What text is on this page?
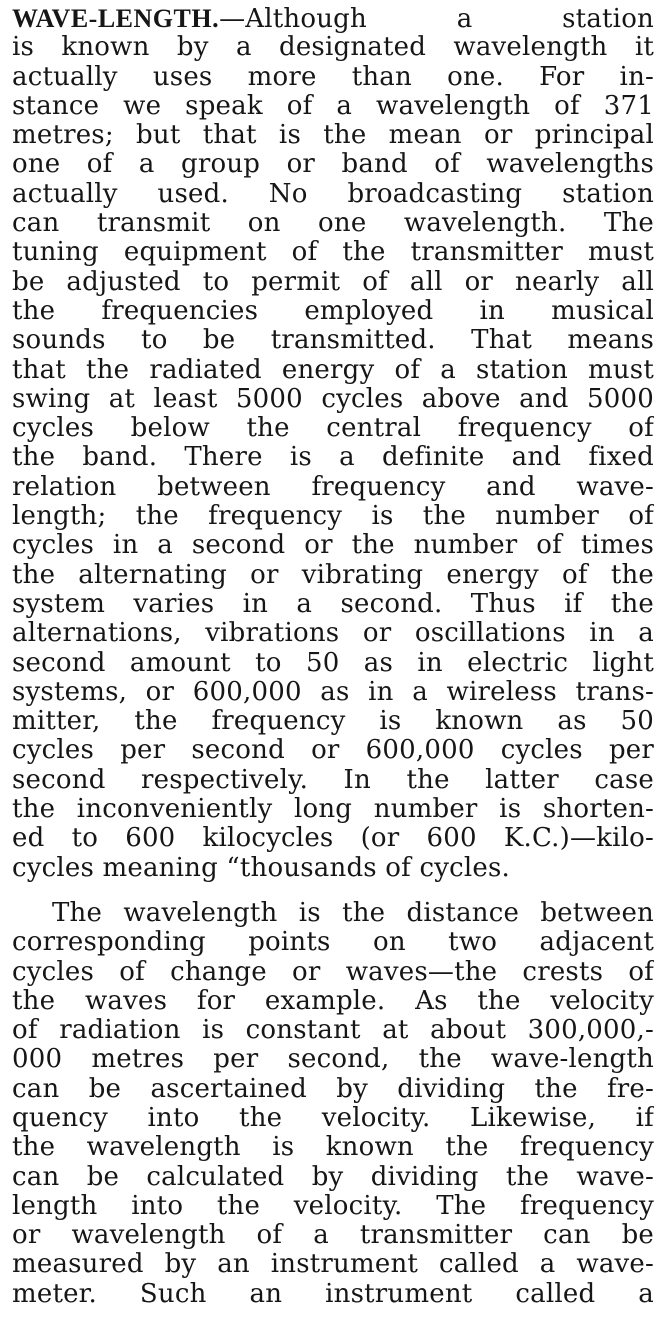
WAVE-LENGTH.—Although a station
is known by a designated wavelength it
actually uses more than one. For in-
stance we speak of a wavelength of 371
metres; but that is the mean or principal
one of a group or band of wavelengths
actually used. No broadcasting station
can transmit on one wavelength. The
tuning equipment of the transmitter must
be adjusted to permit of all or nearly all
the frequencies employed in musical
sounds to be transmitted. That means
that the radiated energy of a station must
swing at least 5000 cycles above and 5000
cycles below the central frequency of
the band. There is a definite and fixed
relation between frequency and wave-
length; the frequency is the number of
cycles in a second or the number of times
the alternating or vibrating energy of the
system varies in a second. Thus if the
alternations, vibrations or oscillations in a
second amount to 50 as in electric light
systems, or 600,000 as in a wireless trans-
mitter, the frequency is known as 50
cycles per second or 600,000 cycles per
second respectively. In the latter case
the inconveniently long number is shorten-
ed to 600 kilocycles (or 600 K.C.)—kilo-
cycles meaning “thousands of cycles.
The wavelength is the distance between
corresponding points on two adjacent
cycles of change or waves—the crests of
the waves for example. As the velocity
of radiation is constant at about 300,000,-
000 metres per second, the wave-length
can be ascertained by dividing the fre-
quency into the velocity. Likewise, if
the wavelength is known the frequency
can be calculated by dividing the wave-
length into the velocity. The frequency
or wavelength of a transmitter can be
measured by an instrument called a wave-
meter. Such an instrument called a
